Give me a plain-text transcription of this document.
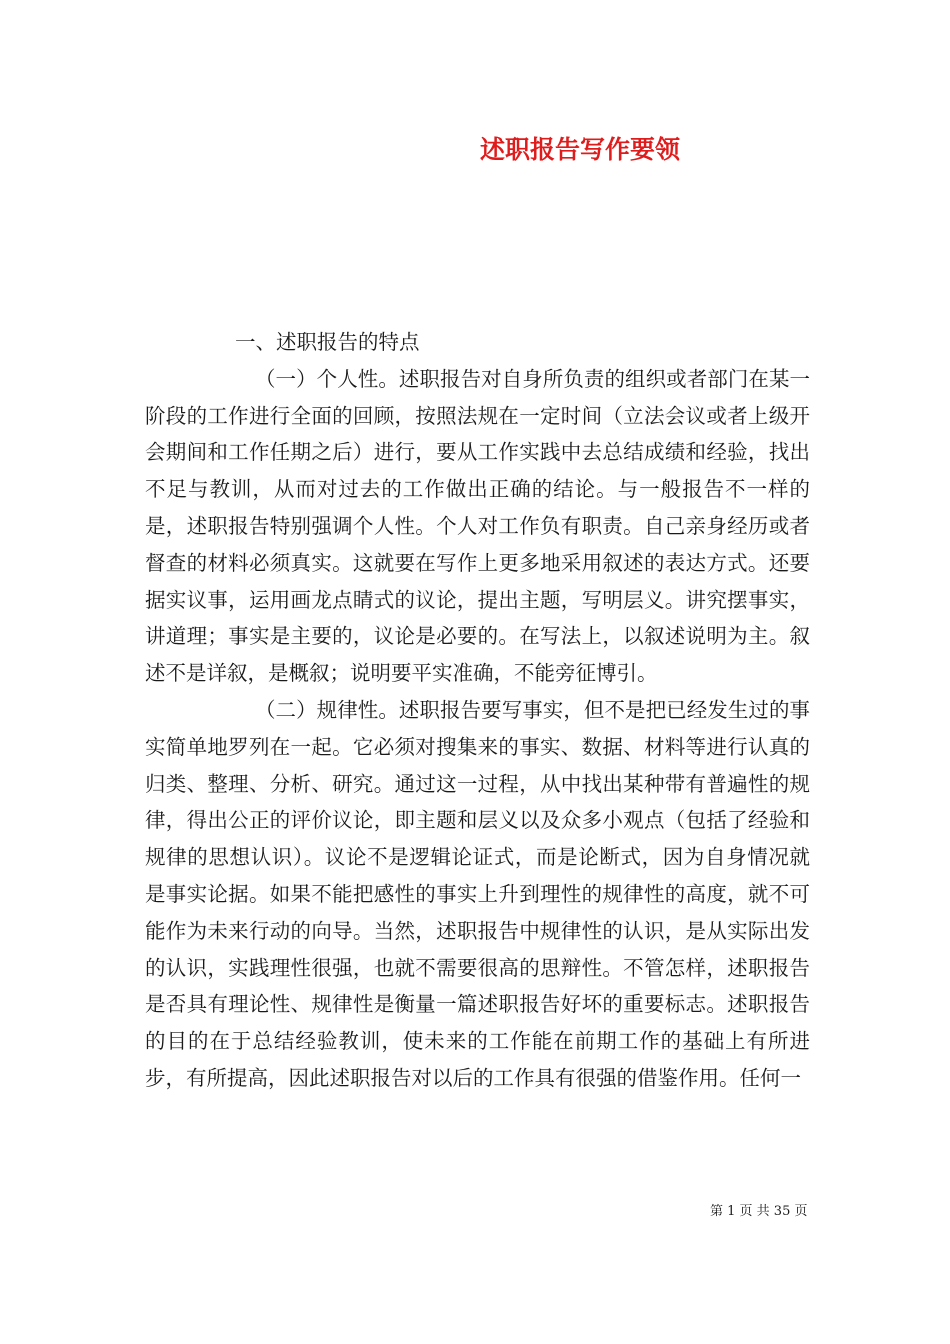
述职报告写作要领

一、述职报告的特点

（一）个人性。述职报告对自身所负责的组织或者部门在某一阶段的工作进行全面的回顾，按照法规在一定时间（立法会议或者上级开会期间和工作任期之后）进行，要从工作实践中去总结成绩和经验，找出不足与教训，从而对过去的工作做出正确的结论。与一般报告不一样的是，述职报告特别强调个人性。个人对工作负有职责。自己亲身经历或者督查的材料必须真实。这就要在写作上更多地采用叙述的表达方式。还要据实议事，运用画龙点睛式的议论，提出主题，写明层义。讲究摆事实，讲道理；事实是主要的，议论是必要的。在写法上，以叙述说明为主。叙述不是详叙，是概叙；说明要平实准确，不能旁征博引。

（二）规律性。述职报告要写事实，但不是把已经发生过的事实简单地罗列在一起。它必须对搜集来的事实、数据、材料等进行认真的归类、整理、分析、研究。通过这一过程，从中找出某种带有普遍性的规律，得出公正的评价议论，即主题和层义以及众多小观点（包括了经验和规律的思想认识）。议论不是逻辑论证式，而是论断式，因为自身情况就是事实论据。如果不能把感性的事实上升到理性的规律性的高度，就不可能作为未来行动的向导。当然，述职报告中规律性的认识，是从实际出发的认识，实践理性很强，也就不需要很高的思辩性。不管怎样，述职报告是否具有理论性、规律性是衡量一篇述职报告好坏的重要标志。述职报告的目的在于总结经验教训，使未来的工作能在前期工作的基础上有所进步，有所提高，因此述职报告对以后的工作具有很强的借鉴作用。任何一

第 1 页 共 35 页
